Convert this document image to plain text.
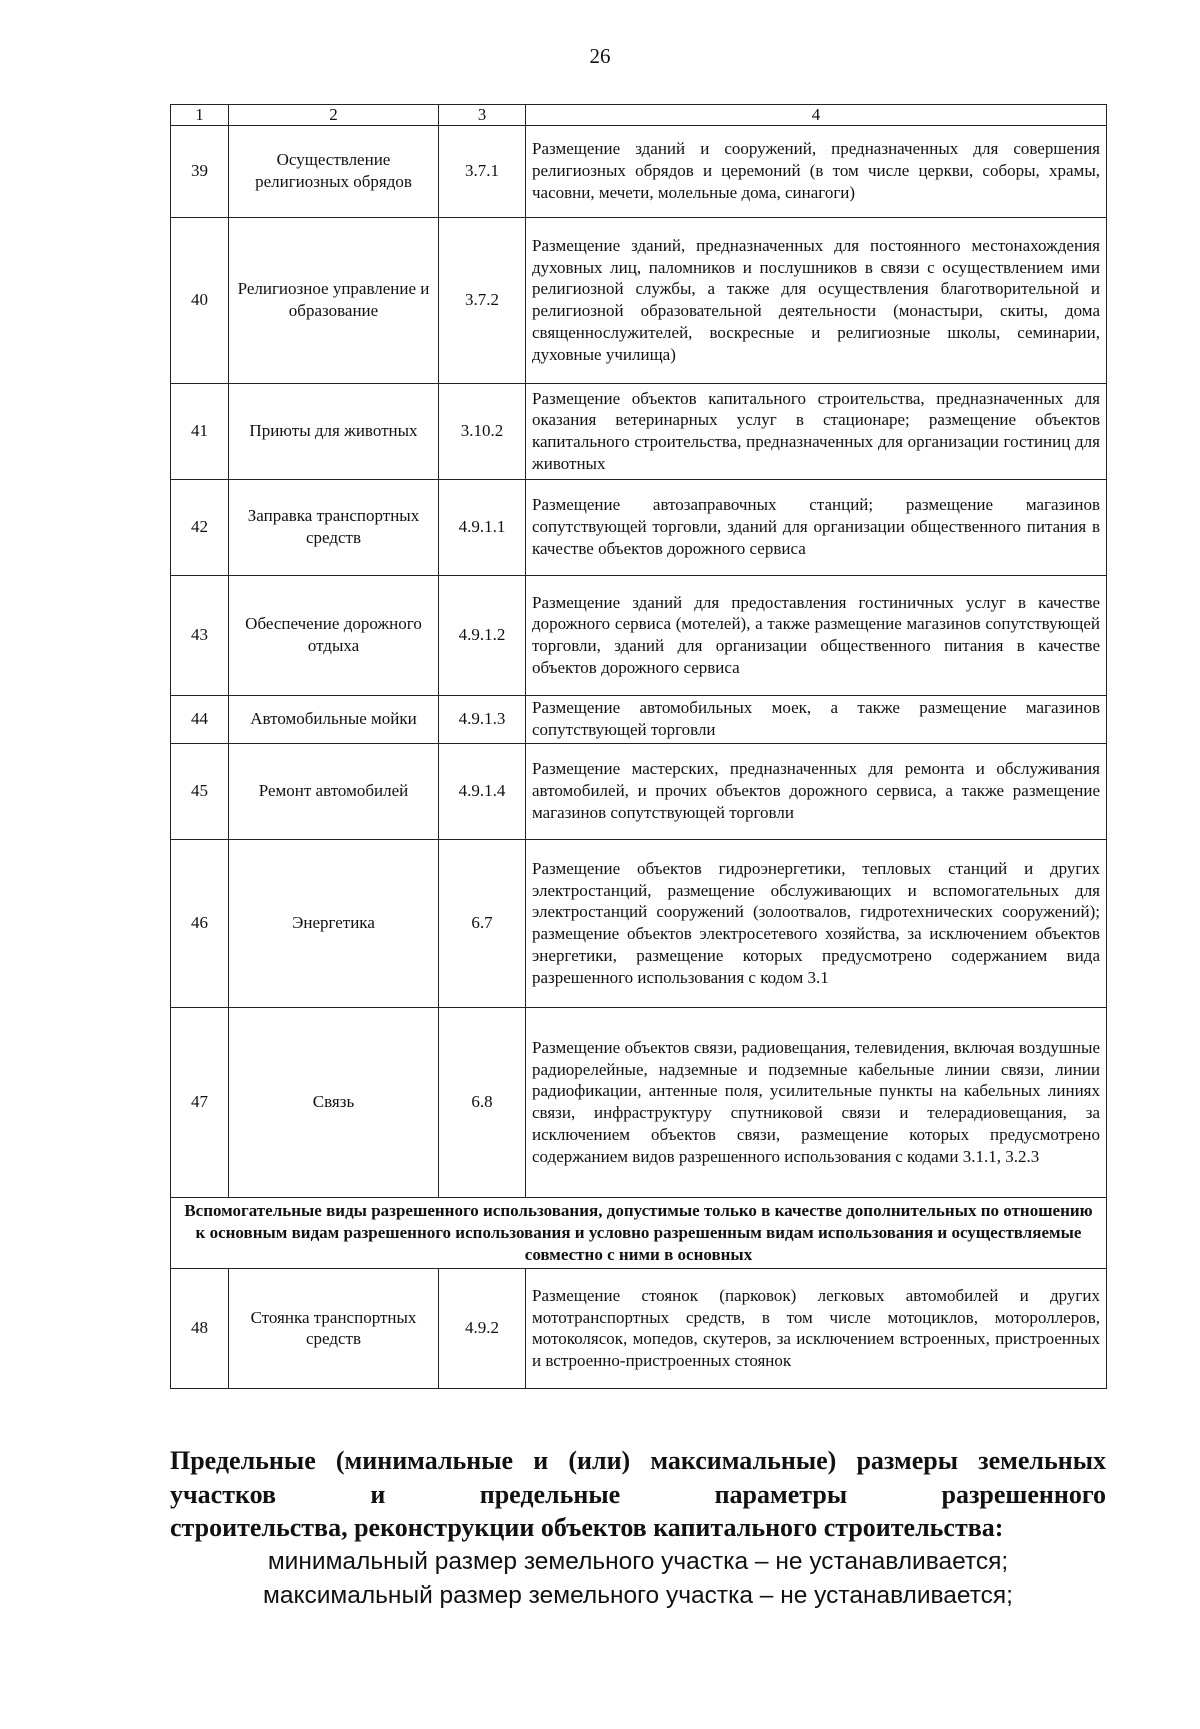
26
1	2	3	4
39	Осуществление религиозных обрядов	3.7.1	Размещение зданий и сооружений, предназначенных для совершения религиозных обрядов и церемоний (в том числе церкви, соборы, храмы, часовни, мечети, молельные дома, синагоги)
40	Религиозное управление и образование	3.7.2	Размещение зданий, предназначенных для постоянного местонахождения духовных лиц, паломников и послушников в связи с осуществлением ими религиозной службы, а также для осуществления благотворительной и религиозной образовательной деятельности (монастыри, скиты, дома священнослужителей, воскресные и религиозные школы, семинарии, духовные училища)
41	Приюты для животных	3.10.2	Размещение объектов капитального строительства, предназначенных для оказания ветеринарных услуг в стационаре; размещение объектов капитального строительства, предназначенных для организации гостиниц для животных
42	Заправка транспортных средств	4.9.1.1	Размещение автозаправочных станций; размещение магазинов сопутствующей торговли, зданий для организации общественного питания в качестве объектов дорожного сервиса
43	Обеспечение дорожного отдыха	4.9.1.2	Размещение зданий для предоставления гостиничных услуг в качестве дорожного сервиса (мотелей), а также размещение магазинов сопутствующей торговли, зданий для организации общественного питания в качестве объектов дорожного сервиса
44	Автомобильные мойки	4.9.1.3	Размещение автомобильных моек, а также размещение магазинов сопутствующей торговли
45	Ремонт автомобилей	4.9.1.4	Размещение мастерских, предназначенных для ремонта и обслуживания автомобилей, и прочих объектов дорожного сервиса, а также размещение магазинов сопутствующей торговли
46	Энергетика	6.7	Размещение объектов гидроэнергетики, тепловых станций и других электростанций, размещение обслуживающих и вспомогательных для электростанций сооружений (золоотвалов, гидротехнических сооружений); размещение объектов электросетевого хозяйства, за исключением объектов энергетики, размещение которых предусмотрено содержанием вида разрешенного использования с кодом 3.1
47	Связь	6.8	Размещение объектов связи, радиовещания, телевидения, включая воздушные радиорелейные, надземные и подземные кабельные линии связи, линии радиофикации, антенные поля, усилительные пункты на кабельных линиях связи, инфраструктуру спутниковой связи и телерадиовещания, за исключением объектов связи, размещение которых предусмотрено содержанием видов разрешенного использования с кодами 3.1.1, 3.2.3
Вспомогательные виды разрешенного использования, допустимые только в качестве дополнительных по отношению к основным видам разрешенного использования и условно разрешенным видам использования и осуществляемые совместно с ними в основных			
48	Стоянка транспортных средств	4.9.2	Размещение стоянок (парковок) легковых автомобилей и других мототранспортных средств, в том числе мотоциклов, мотороллеров, мотоколясок, мопедов, скутеров, за исключением встроенных, пристроенных и встроенно-пристроенных стоянок

Предельные (минимальные и (или) максимальные) размеры земельных участков и предельные параметры разрешенного
строительства, реконструкции объектов капитального строительства:

минимальный размер земельного участка – не устанавливается;

максимальный размер земельного участка – не устанавливается;
